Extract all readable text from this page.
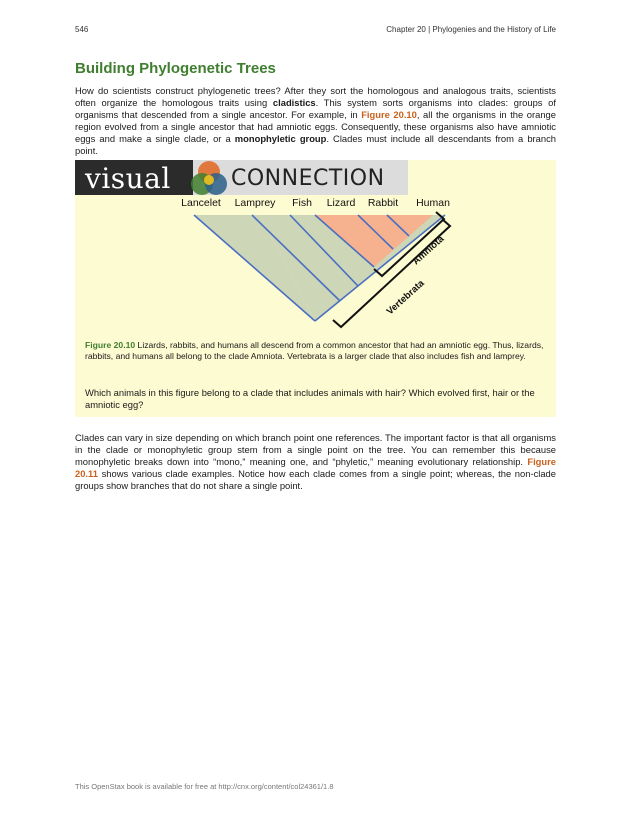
546	Chapter 20 | Phylogenies and the History of Life
Building Phylogenetic Trees

How do scientists construct phylogenetic trees? After they sort the homologous and analogous traits, scientists often organize the homologous traits using cladistics. This system sorts organisms into clades: groups of organisms that descended from a single ancestor. For example, in Figure 20.10, all the organisms in the orange region evolved from a single ancestor that had amniotic eggs. Consequently, these organisms also have amniotic eggs and make a single clade, or a monophyletic group. Clades must include all descendants from a branch point.

visual	CONNECTION
Lancelet Lamprey Fish Lizard Rabbit Human
Amniota
Vertebrata

Figure 20.10 Lizards, rabbits, and humans all descend from a common ancestor that had an amniotic egg. Thus, lizards, rabbits, and humans all belong to the clade Amniota. Vertebrata is a larger clade that also includes fish and lamprey.

Which animals in this figure belong to a clade that includes animals with hair? Which evolved first, hair or the amniotic egg?

Clades can vary in size depending on which branch point one references. The important factor is that all organisms in the clade or monophyletic group stem from a single point on the tree. You can remember this because monophyletic breaks down into “mono,” meaning one, and “phyletic,” meaning evolutionary relationship. Figure 20.11 shows various clade examples. Notice how each clade comes from a single point; whereas, the non-clade groups show branches that do not share a single point.

This OpenStax book is available for free at http://cnx.org/content/col24361/1.8
